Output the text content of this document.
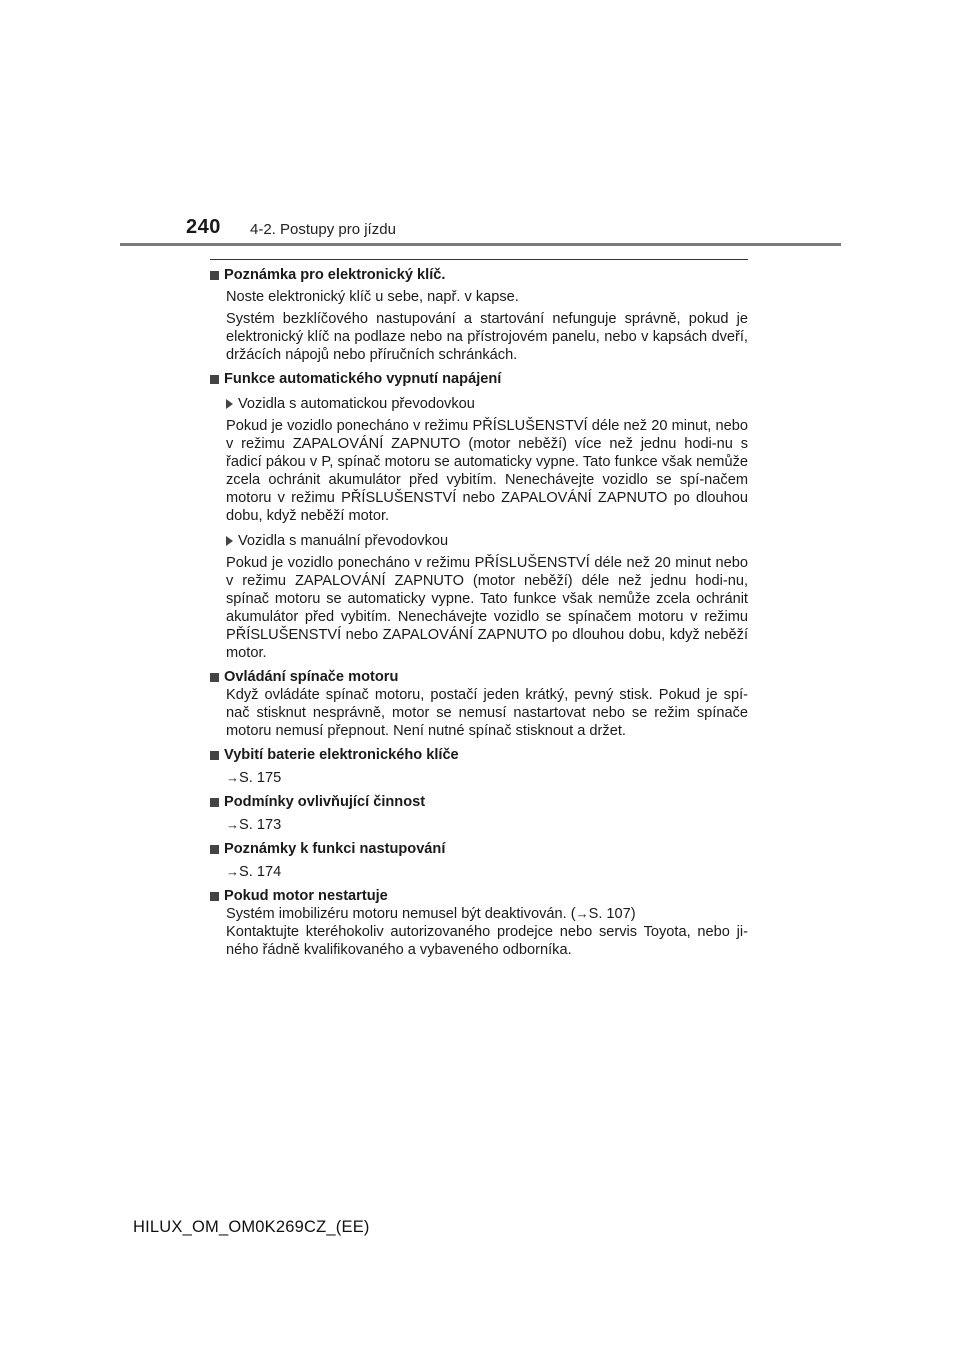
240 4-2. Postupy pro jízdu
Poznámka pro elektronický klíč.
Noste elektronický klíč u sebe, např. v kapse.
Systém bezklíčového nastupování a startování nefunguje správně, pokud je elektronický klíč na podlaze nebo na přístrojovém panelu, nebo v kapsách dveří, držácích nápojů nebo příručních schránkách.
Funkce automatického vypnutí napájení
Vozidla s automatickou převodovkou
Pokud je vozidlo ponecháno v režimu PŘÍSLUŠENSTVÍ déle než 20 minut, nebo v režimu ZAPALOVÁNÍ ZAPNUTO (motor neběží) více než jednu hodi-nu s řadicí pákou v P, spínač motoru se automaticky vypne. Tato funkce však nemůže zcela ochránit akumulátor před vybitím. Nenechávejte vozidlo se spí-načem motoru v režimu PŘÍSLUŠENSTVÍ nebo ZAPALOVÁNÍ ZAPNUTO po dlouhou dobu, když neběží motor.
Vozidla s manuální převodovkou
Pokud je vozidlo ponecháno v režimu PŘÍSLUŠENSTVÍ déle než 20 minut nebo v režimu ZAPALOVÁNÍ ZAPNUTO (motor neběží) déle než jednu hodi-nu, spínač motoru se automaticky vypne. Tato funkce však nemůže zcela ochránit akumulátor před vybitím. Nenechávejte vozidlo se spínačem motoru v režimu PŘÍSLUŠENSTVÍ nebo ZAPALOVÁNÍ ZAPNUTO po dlouhou dobu, když neběží motor.
Ovládání spínače motoru
Když ovládáte spínač motoru, postačí jeden krátký, pevný stisk. Pokud je spí-nač stisknut nesprávně, motor se nemusí nastartovat nebo se režim spínače motoru nemusí přepnout. Není nutné spínač stisknout a držet.
Vybití baterie elektronického klíče
→S. 175
Podmínky ovlivňující činnost
→S. 173
Poznámky k funkci nastupování
→S. 174
Pokud motor nestartuje
Systém imobilizéru motoru nemusel být deaktivován. (→S. 107)
Kontaktujte kteréhokoliv autorizovaného prodejce nebo servis Toyota, nebo ji-ného řádně kvalifikovaného a vybaveného odborníka.
HILUX_OM_OM0K269CZ_(EE)
